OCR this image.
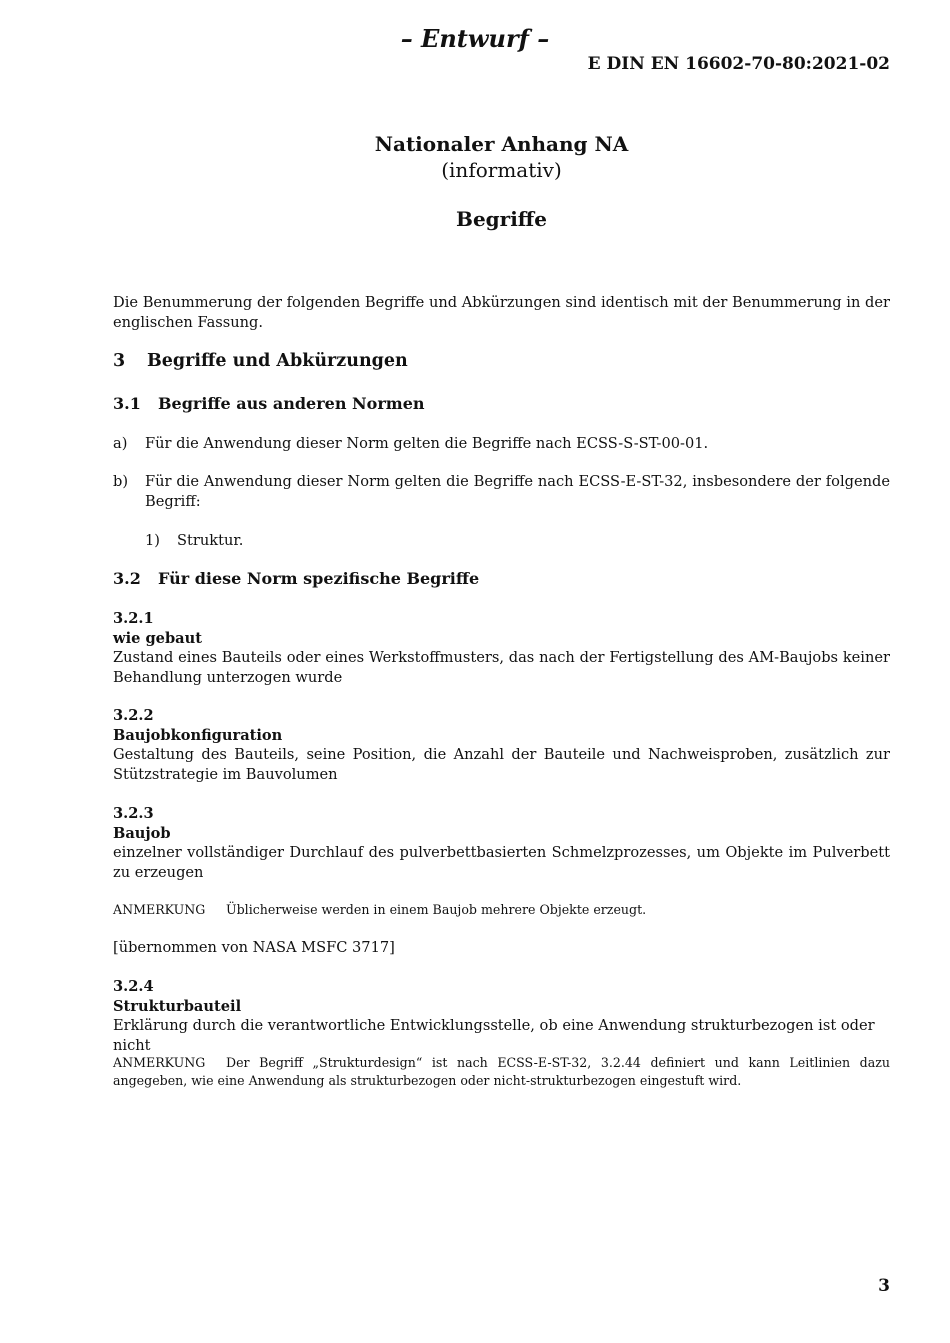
– Entwurf –
E DIN EN 16602-70-80:2021-02
Nationaler Anhang NA
(informativ)
Begriffe
Die Benummerung der folgenden Begriffe und Abkürzungen sind identisch mit der Benummerung in der englischen Fassung.
3 Begriffe und Abkürzungen
3.1 Begriffe aus anderen Normen
a) Für die Anwendung dieser Norm gelten die Begriffe nach ECSS-S-ST-00-01.
b) Für die Anwendung dieser Norm gelten die Begriffe nach ECSS-E-ST-32, insbesondere der folgende Begriff:
1) Struktur.
3.2 Für diese Norm spezifische Begriffe
3.2.1
wie gebaut
Zustand eines Bauteils oder eines Werkstoffmusters, das nach der Fertigstellung des AM-Baujobs keiner Behandlung unterzogen wurde
3.2.2
Baujobkonfiguration
Gestaltung des Bauteils, seine Position, die Anzahl der Bauteile und Nachweisproben, zusätzlich zur Stützstrategie im Bauvolumen
3.2.3
Baujob
einzelner vollständiger Durchlauf des pulverbettbasierten Schmelzprozesses, um Objekte im Pulverbett zu erzeugen
ANMERKUNG Üblicherweise werden in einem Baujob mehrere Objekte erzeugt.
[übernommen von NASA MSFC 3717]
3.2.4
Strukturbauteil
Erklärung durch die verantwortliche Entwicklungsstelle, ob eine Anwendung strukturbezogen ist oder nicht
ANMERKUNG Der Begriff „Strukturdesign“ ist nach ECSS-E-ST-32, 3.2.44 definiert und kann Leitlinien dazu angegeben, wie eine Anwendung als strukturbezogen oder nicht-strukturbezogen eingestuft wird.
3
